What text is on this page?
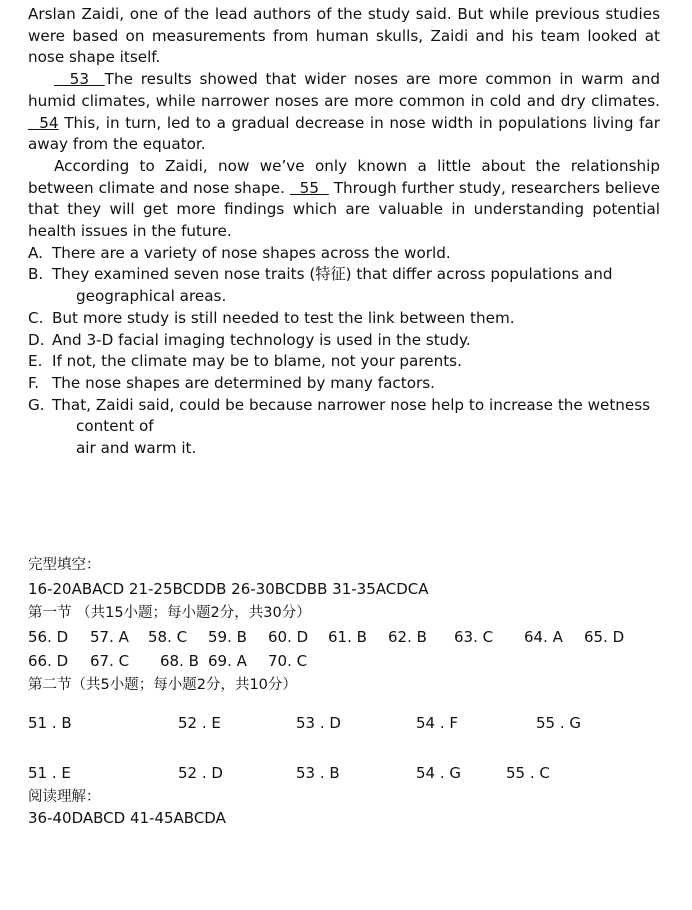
Arslan Zaidi, one of the lead authors of the study said. But while previous studies were based on measurements from human skulls, Zaidi and his team looked at nose shape itself.

53  The results showed that wider noses are more common in warm and humid climates, while narrower noses are more common in cold and dry climates.   54 This, in turn, led to a gradual decrease in nose width in populations living far away from the equator.

According to Zaidi, now we’ve only known a little about the relationship between climate and nose shape.   55   Through further study, researchers believe that they will get more findings which are valuable in understanding potential health issues in the future.

A. There are a variety of nose shapes across the world.
B. They examined seven nose traits (特征) that differ across populations and
geographical areas.
C. But more study is still needed to test the link between them.
D. And 3-D facial imaging technology is used in the study.
E. If not, the climate may be to blame, not your parents.
F. The nose shapes are determined by many factors.
G. That, Zaidi said, could be because narrower nose help to increase the wetness
content of
air and warm it.
完型填空：
16-20ABACD 21-25BCDDB 26-30BCDBB 31-35ACDCA
第一节 （共15小题；每小题2分，共30分）
56. D 57. A 58. C 59. B 60. D 61. B 62. B 63. C 64. A 65. D
66. D 67. C 68. B 69. A 70. C
第二节（共5小题；每小题2分，共10分）
51 . B	52 . E	53 . D	54 . F	55 . G
51 . E	52 . D	53 . B	54 . G	55 . C
阅读理解：
36-40DABCD 41-45ABCDA
